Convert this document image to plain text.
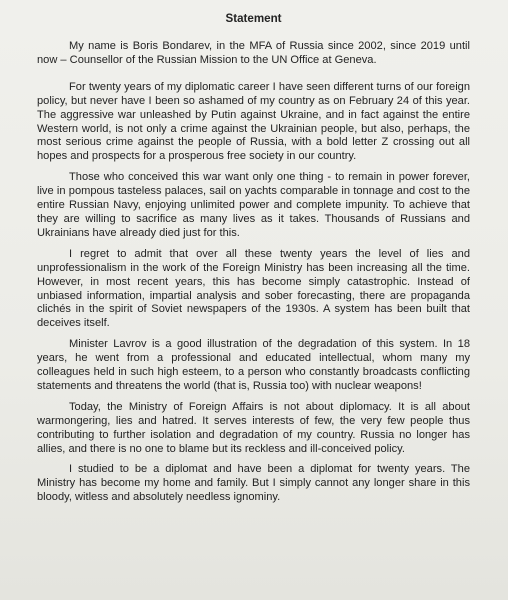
Statement

My name is Boris Bondarev, in the MFA of Russia since 2002, since 2019 until now – Counsellor of the Russian Mission to the UN Office at Geneva.

For twenty years of my diplomatic career I have seen different turns of our foreign policy, but never have I been so ashamed of my country as on February 24 of this year. The aggressive war unleashed by Putin against Ukraine, and in fact against the entire Western world, is not only a crime against the Ukrainian people, but also, perhaps, the most serious crime against the people of Russia, with a bold letter Z crossing out all hopes and prospects for a prosperous free society in our country.

Those who conceived this war want only one thing - to remain in power forever, live in pompous tasteless palaces, sail on yachts comparable in tonnage and cost to the entire Russian Navy, enjoying unlimited power and complete impunity. To achieve that they are willing to sacrifice as many lives as it takes. Thousands of Russians and Ukrainians have already died just for this.

I regret to admit that over all these twenty years the level of lies and unprofessionalism in the work of the Foreign Ministry has been increasing all the time. However, in most recent years, this has become simply catastrophic. Instead of unbiased information, impartial analysis and sober forecasting, there are propaganda clichés in the spirit of Soviet newspapers of the 1930s. A system has been built that deceives itself.

Minister Lavrov is a good illustration of the degradation of this system. In 18 years, he went from a professional and educated intellectual, whom many my colleagues held in such high esteem, to a person who constantly broadcasts conflicting statements and threatens the world (that is, Russia too) with nuclear weapons!

Today, the Ministry of Foreign Affairs is not about diplomacy. It is all about warmongering, lies and hatred. It serves interests of few, the very few people thus contributing to further isolation and degradation of my country. Russia no longer has allies, and there is no one to blame but its reckless and ill-conceived policy.

I studied to be a diplomat and have been a diplomat for twenty years. The Ministry has become my home and family. But I simply cannot any longer share in this bloody, witless and absolutely needless ignominy.
